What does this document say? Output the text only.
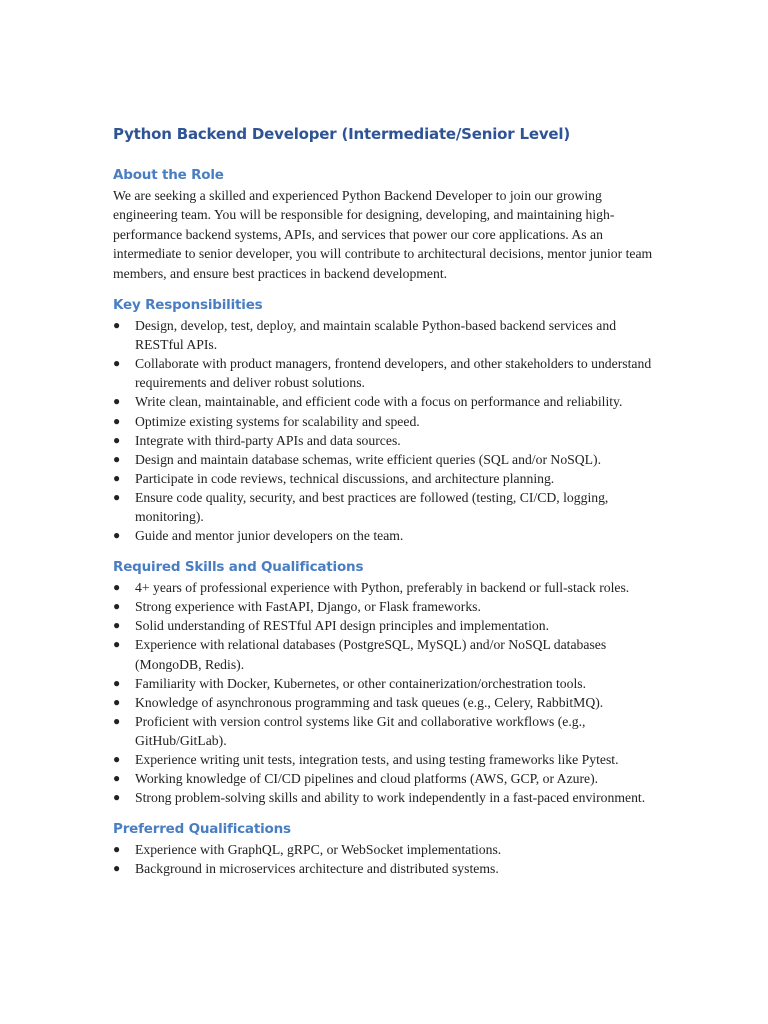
Python Backend Developer (Intermediate/Senior Level)
About the Role

We are seeking a skilled and experienced Python Backend Developer to join our growing engineering team. You will be responsible for designing, developing, and maintaining high-performance backend systems, APIs, and services that power our core applications. As an intermediate to senior developer, you will contribute to architectural decisions, mentor junior team members, and ensure best practices in backend development.

Key Responsibilities
● Design, develop, test, deploy, and maintain scalable Python-based backend services and RESTful APIs.
● Collaborate with product managers, frontend developers, and other stakeholders to understand requirements and deliver robust solutions.
● Write clean, maintainable, and efficient code with a focus on performance and reliability.
● Optimize existing systems for scalability and speed.
● Integrate with third-party APIs and data sources.
● Design and maintain database schemas, write efficient queries (SQL and/or NoSQL).
● Participate in code reviews, technical discussions, and architecture planning.
● Ensure code quality, security, and best practices are followed (testing, CI/CD, logging, monitoring).
● Guide and mentor junior developers on the team.
Required Skills and Qualifications
● 4+ years of professional experience with Python, preferably in backend or full-stack roles.
● Strong experience with FastAPI, Django, or Flask frameworks.
● Solid understanding of RESTful API design principles and implementation.
● Experience with relational databases (PostgreSQL, MySQL) and/or NoSQL databases (MongoDB, Redis).
● Familiarity with Docker, Kubernetes, or other containerization/orchestration tools.
● Knowledge of asynchronous programming and task queues (e.g., Celery, RabbitMQ).
● Proficient with version control systems like Git and collaborative workflows (e.g., GitHub/GitLab).
● Experience writing unit tests, integration tests, and using testing frameworks like Pytest.
● Working knowledge of CI/CD pipelines and cloud platforms (AWS, GCP, or Azure).
● Strong problem-solving skills and ability to work independently in a fast-paced environment.
Preferred Qualifications
● Experience with GraphQL, gRPC, or WebSocket implementations.
● Background in microservices architecture and distributed systems.
